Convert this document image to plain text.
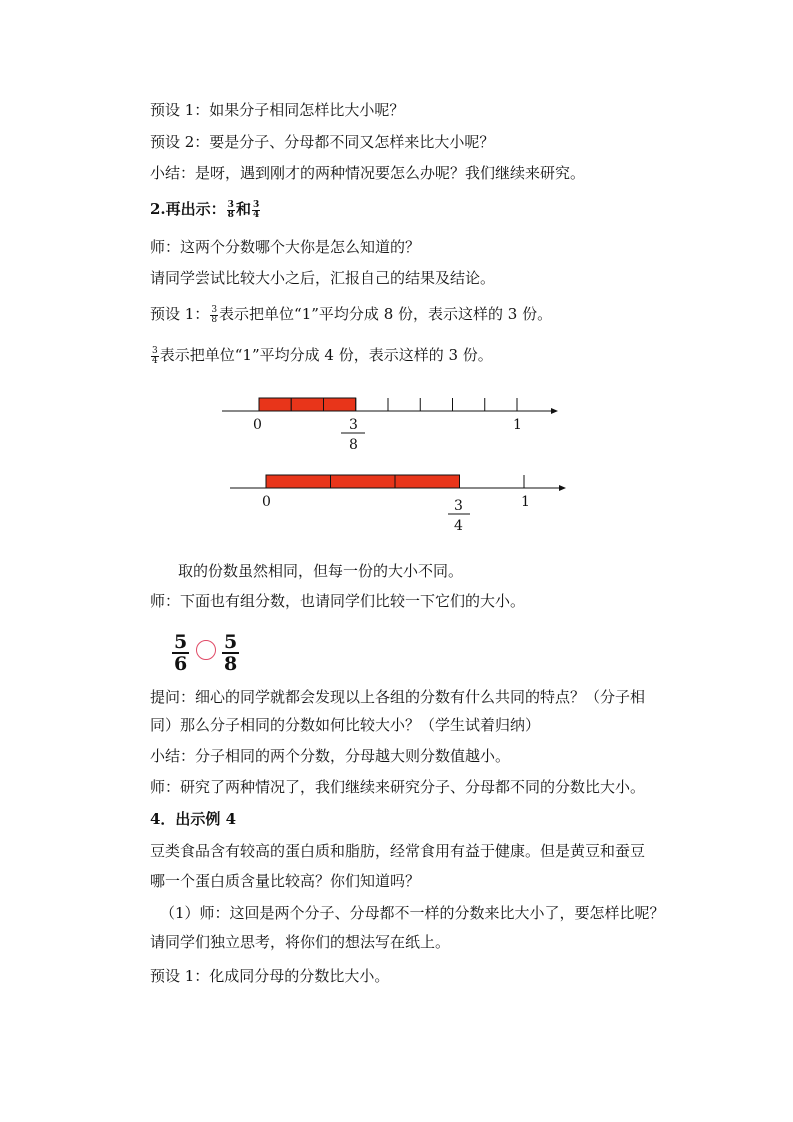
预设 1：如果分子相同怎样比大小呢？
预设 2：要是分子、分母都不同又怎样来比大小呢？
小结：是呀，遇到刚才的两种情况要怎么办呢？我们继续来研究。
2.再出示： $\frac{3}{8}$ 和 $\frac{3}{4}$
师：这两个分数哪个大你是怎么知道的？
请同学尝试比较大小之后，汇报自己的结果及结论。
预设 1： $\frac{3}{8}$ 表示把单位“1”平均分成 8 份，表示这样的 3 份。
$\frac{3}{4}$ 表示把单位“1”平均分成 4 份，表示这样的 3 份。
0	1
3
8
0	1
3
4
取的份数虽然相同，但每一份的大小不同。
师：下面也有组分数，也请同学们比较一下它们的大小。
$\frac{5}{6} \frac{5}{8}$
提问：细心的同学就都会发现以上各组的分数有什么共同的特点？（分子相
同）那么分子相同的分数如何比较大小？（学生试着归纳）
小结：分子相同的两个分数，分母越大则分数值越小。
师：研究了两种情况了，我们继续来研究分子、分母都不同的分数比大小。
4．出示例 4
豆类食品含有较高的蛋白质和脂肪，经常食用有益于健康。但是黄豆和蚕豆
哪一个蛋白质含量比较高？你们知道吗？
（1）师：这回是两个分子、分母都不一样的分数来比大小了，要怎样比呢？
请同学们独立思考，将你们的想法写在纸上。
预设 1：化成同分母的分数比大小。
